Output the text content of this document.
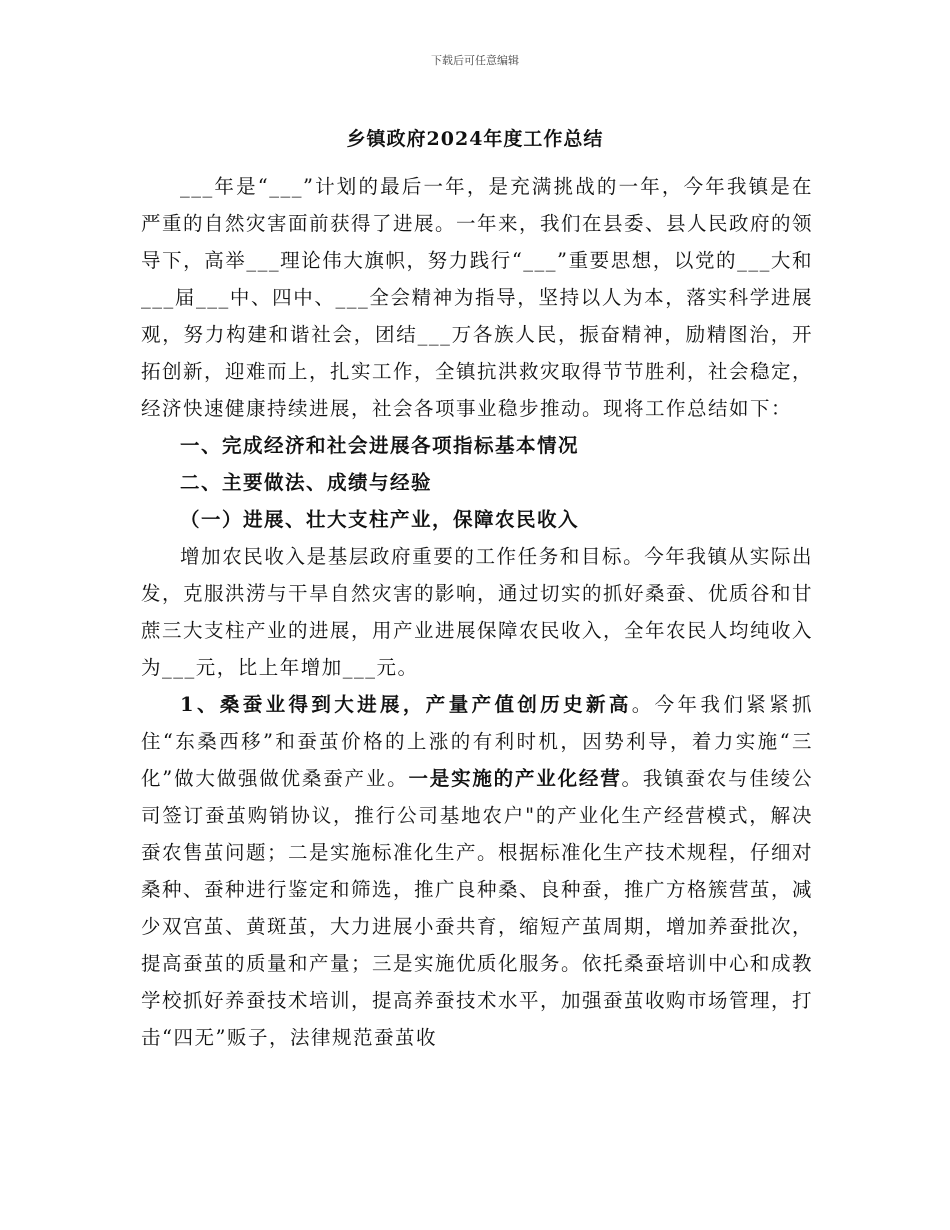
下载后可任意编辑
乡镇政府2024年度工作总结

___年是“___”计划的最后一年，是充满挑战的一年，今年我镇是在严重的自然灾害面前获得了进展。一年来，我们在县委、县人民政府的领导下，高举___理论伟大旗帜，努力践行“___”重要思想，以党的___大和___届___中、四中、___全会精神为指导，坚持以人为本，落实科学进展观，努力构建和谐社会，团结___万各族人民，振奋精神，励精图治，开拓创新，迎难而上，扎实工作，全镇抗洪救灾取得节节胜利，社会稳定，经济快速健康持续进展，社会各项事业稳步推动。现将工作总结如下：

一、完成经济和社会进展各项指标基本情况

二、主要做法、成绩与经验

（一）进展、壮大支柱产业，保障农民收入

增加农民收入是基层政府重要的工作任务和目标。今年我镇从实际出发，克服洪涝与干旱自然灾害的影响，通过切实的抓好桑蚕、优质谷和甘蔗三大支柱产业的进展，用产业进展保障农民收入，全年农民人均纯收入为___元，比上年增加___元。

1、桑蚕业得到大进展，产量产值创历史新高。今年我们紧紧抓住“东桑西移”和蚕茧价格的上涨的有利时机，因势利导，着力实施“三化”做大做强做优桑蚕产业。一是实施的产业化经营。我镇蚕农与佳绫公司签订蚕茧购销协议，推行公司基地农户"的产业化生产经营模式，解决蚕农售茧问题；二是实施标准化生产。根据标准化生产技术规程，仔细对桑种、蚕种进行鉴定和筛选，推广良种桑、良种蚕，推广方格簇营茧，减少双宫茧、黄斑茧，大力进展小蚕共育，缩短产茧周期，增加养蚕批次，提高蚕茧的质量和产量；三是实施优质化服务。依托桑蚕培训中心和成教学校抓好养蚕技术培训，提高养蚕技术水平，加强蚕茧收购市场管理，打击“四无”贩子，法律规范蚕茧收
